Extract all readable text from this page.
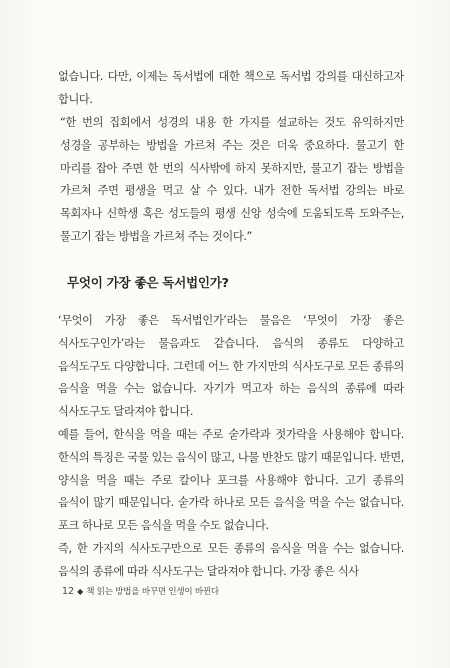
없습니다. 다만, 이제는 독서법에 대한 책으로 독서법 강의를 대신하고자 합니다.

“한 번의 집회에서 성경의 내용 한 가지를 설교하는 것도 유익하지만 성경을 공부하는 방법을 가르쳐 주는 것은 더욱 중요하다. 물고기 한 마리를 잡아 주면 한 번의 식사밖에 하지 못하지만, 물고기 잡는 방법을 가르쳐 주면 평생을 먹고 살 수 있다. 내가 전한 독서법 강의는 바로 목회자나 신학생 혹은 성도들의 평생 신앙 성숙에 도움되도록 도와주는, 물고기 잡는 방법을 가르쳐 주는 것이다.”

무엇이 가장 좋은 독서법인가?

‘무엇이 가장 좋은 독서법인가’라는 물음은 ‘무엇이 가장 좋은 식사도구인가’라는 물음과도 같습니다. 음식의 종류도 다양하고 음식도구도 다양합니다. 그런데 어느 한 가지만의 식사도구로 모든 종류의 음식을 먹을 수는 없습니다. 자기가 먹고자 하는 음식의 종류에 따라 식사도구도 달라져야 합니다.

예를 들어, 한식을 먹을 때는 주로 숟가락과 젓가락을 사용해야 합니다. 한식의 특징은 국물 있는 음식이 많고, 나물 반찬도 많기 때문입니다. 반면, 양식을 먹을 때는 주로 칼이나 포크를 사용해야 합니다. 고기 종류의 음식이 많기 때문입니다. 숟가락 하나로 모든 음식을 먹을 수는 없습니다. 포크 하나로 모든 음식을 먹을 수도 없습니다.

즉, 한 가지의 식사도구만으로 모든 종류의 음식을 먹을 수는 없습니다. 음식의 종류에 따라 식사도구는 달라져야 합니다. 가장 좋은 식사

12 ◆ 책 읽는 방법을 바꾸면 인생이 바뀐다
